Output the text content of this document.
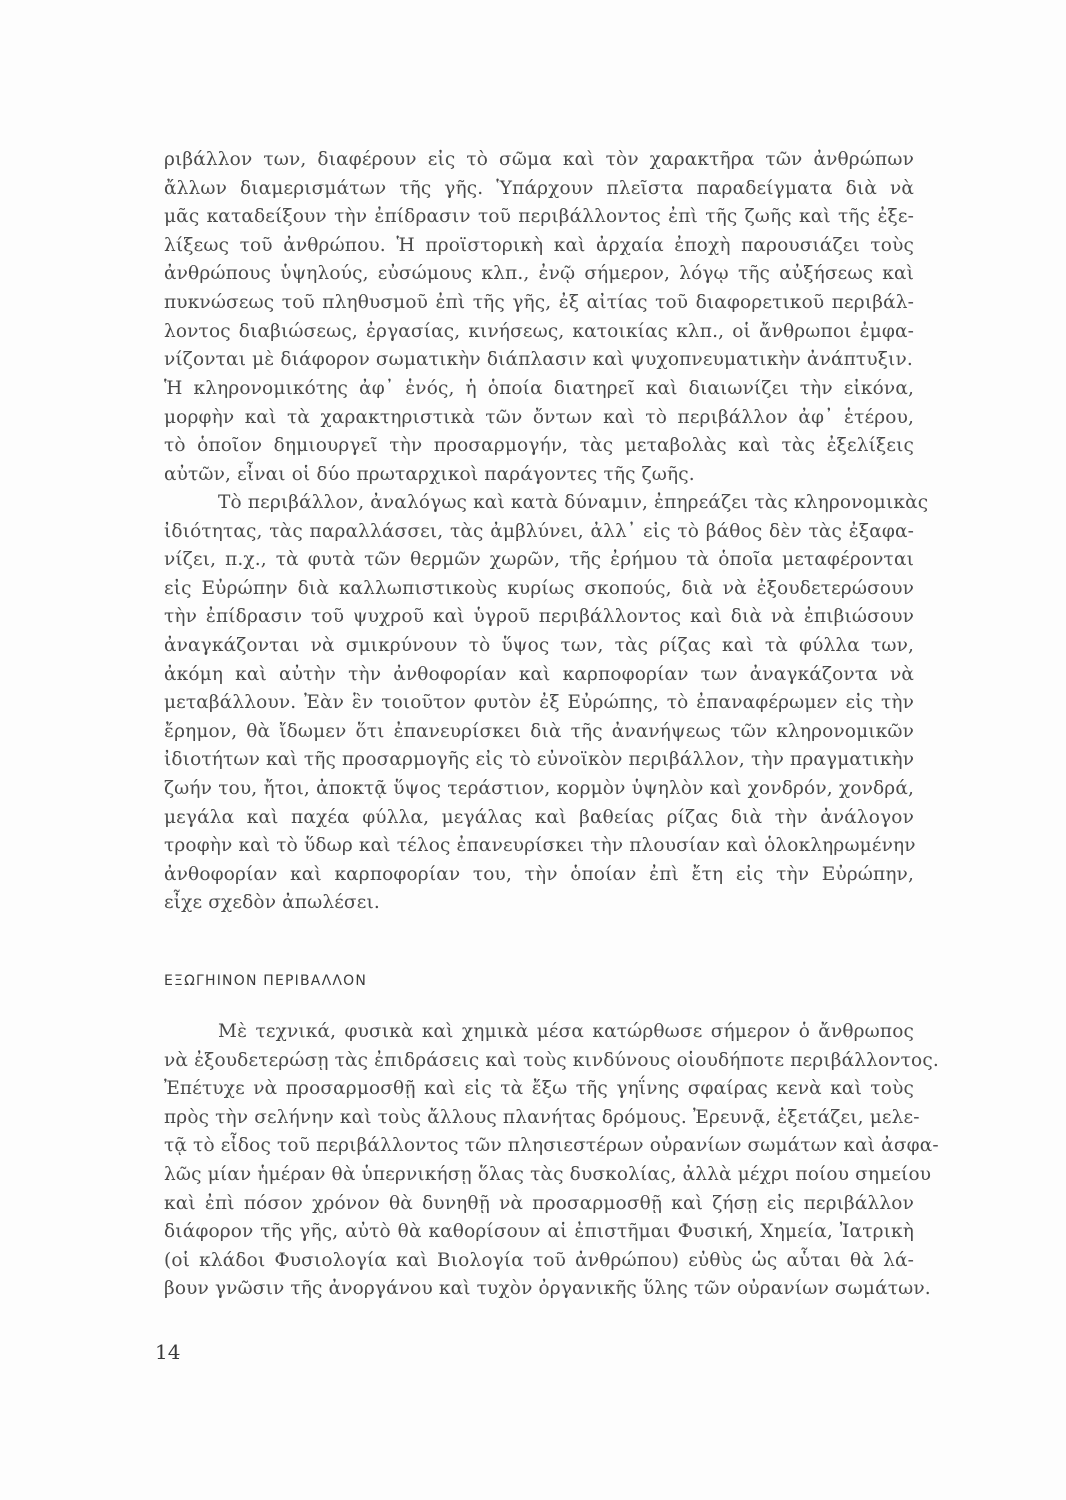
ριβάλλον των, διαφέρουν εἰς τὸ σῶμα καὶ τὸν χαρακτῆρα τῶν ἀνθρώπων
ἄλλων διαμερισμάτων τῆς γῆς. Ὑπάρχουν πλεῖστα παραδείγματα διὰ νὰ
μᾶς καταδείξουν τὴν ἐπίδρασιν τοῦ περιβάλλοντος ἐπὶ τῆς ζωῆς καὶ τῆς ἐξε-
λίξεως τοῦ ἀνθρώπου. Ἡ προϊστορικὴ καὶ ἀρχαία ἐποχὴ παρουσιάζει τοὺς
ἀνθρώπους ὑψηλούς, εὐσώμους κλπ., ἐνῷ σήμερον, λόγῳ τῆς αὐξήσεως καὶ
πυκνώσεως τοῦ πληθυσμοῦ ἐπὶ τῆς γῆς, ἐξ αἰτίας τοῦ διαφορετικοῦ περιβάλ-
λοντος διαβιώσεως, ἐργασίας, κινήσεως, κατοικίας κλπ., οἱ ἄνθρωποι ἐμφα-
νίζονται μὲ διάφορον σωματικὴν διάπλασιν καὶ ψυχοπνευματικὴν ἀνάπτυξιν.
Ἡ κληρονομικότης ἀφ᾿ ἑνός, ἡ ὁποία διατηρεῖ καὶ διαιωνίζει τὴν εἰκόνα,
μορφὴν καὶ τὰ χαρακτηριστικὰ τῶν ὄντων καὶ τὸ περιβάλλον ἀφ᾿ ἑτέρου,
τὸ ὁποῖον δημιουργεῖ τὴν προσαρμογήν, τὰς μεταβολὰς καὶ τὰς ἐξελίξεις
αὐτῶν, εἶναι οἱ δύο πρωταρχικοὶ παράγοντες τῆς ζωῆς.
Τὸ περιβάλλον, ἀναλόγως καὶ κατὰ δύναμιν, ἐπηρεάζει τὰς κληρονομικὰς
ἰδιότητας, τὰς παραλλάσσει, τὰς ἀμβλύνει, ἀλλ᾿ εἰς τὸ βάθος δὲν τὰς ἐξαφα-
νίζει, π.χ., τὰ φυτὰ τῶν θερμῶν χωρῶν, τῆς ἐρήμου τὰ ὁποῖα μεταφέρονται
εἰς Εὐρώπην διὰ καλλωπιστικοὺς κυρίως σκοπούς, διὰ νὰ ἐξουδετερώσουν
τὴν ἐπίδρασιν τοῦ ψυχροῦ καὶ ὑγροῦ περιβάλλοντος καὶ διὰ νὰ ἐπιβιώσουν
ἀναγκάζονται νὰ σμικρύνουν τὸ ὕψος των, τὰς ρίζας καὶ τὰ φύλλα των,
ἀκόμη καὶ αὐτὴν τὴν ἀνθοφορίαν καὶ καρποφορίαν των ἀναγκάζοντα νὰ
μεταβάλλουν. Ἐὰν ἓν τοιοῦτον φυτὸν ἐξ Εὐρώπης, τὸ ἐπαναφέρωμεν εἰς τὴν
ἔρημον, θὰ ἴδωμεν ὅτι ἐπανευρίσκει διὰ τῆς ἀνανήψεως τῶν κληρονομικῶν
ἰδιοτήτων καὶ τῆς προσαρμογῆς εἰς τὸ εὐνοϊκὸν περιβάλλον, τὴν πραγματικὴν
ζωήν του, ἤτοι, ἀποκτᾷ ὕψος τεράστιον, κορμὸν ὑψηλὸν καὶ χονδρόν, χονδρά,
μεγάλα καὶ παχέα φύλλα, μεγάλας καὶ βαθείας ρίζας διὰ τὴν ἀνάλογον
τροφὴν καὶ τὸ ὕδωρ καὶ τέλος ἐπανευρίσκει τὴν πλουσίαν καὶ ὁλοκληρωμένην
ἀνθοφορίαν καὶ καρποφορίαν του, τὴν ὁποίαν ἐπὶ ἔτη εἰς τὴν Εὐρώπην,
εἶχε σχεδὸν ἀπωλέσει.
ΕΞΩΓΗΙΝΟΝ ΠΕΡΙΒΑΛΛΟΝ
Μὲ τεχνικά, φυσικὰ καὶ χημικὰ μέσα κατώρθωσε σήμερον ὁ ἄνθρωπος
νὰ ἐξουδετερώσῃ τὰς ἐπιδράσεις καὶ τοὺς κινδύνους οἱουδήποτε περιβάλλοντος.
Ἐπέτυχε νὰ προσαρμοσθῇ καὶ εἰς τὰ ἔξω τῆς γηΐνης σφαίρας κενὰ καὶ τοὺς
πρὸς τὴν σελήνην καὶ τοὺς ἄλλους πλανήτας δρόμους. Ἐρευνᾷ, ἐξετάζει, μελε-
τᾷ τὸ εἶδος τοῦ περιβάλλοντος τῶν πλησιεστέρων οὐρανίων σωμάτων καὶ ἀσφα-
λῶς μίαν ἡμέραν θὰ ὑπερνικήσῃ ὅλας τὰς δυσκολίας, ἀλλὰ μέχρι ποίου σημείου
καὶ ἐπὶ πόσον χρόνον θὰ δυνηθῇ νὰ προσαρμοσθῇ καὶ ζήσῃ εἰς περιβάλλον
διάφορον τῆς γῆς, αὐτὸ θὰ καθορίσουν αἱ ἐπιστῆμαι Φυσική, Χημεία, Ἰατρικὴ
(οἱ κλάδοι Φυσιολογία καὶ Βιολογία τοῦ ἀνθρώπου) εὐθὺς ὡς αὗται θὰ λά-
βουν γνῶσιν τῆς ἀνοργάνου καὶ τυχὸν ὀργανικῆς ὕλης τῶν οὐρανίων σωμάτων.
14
